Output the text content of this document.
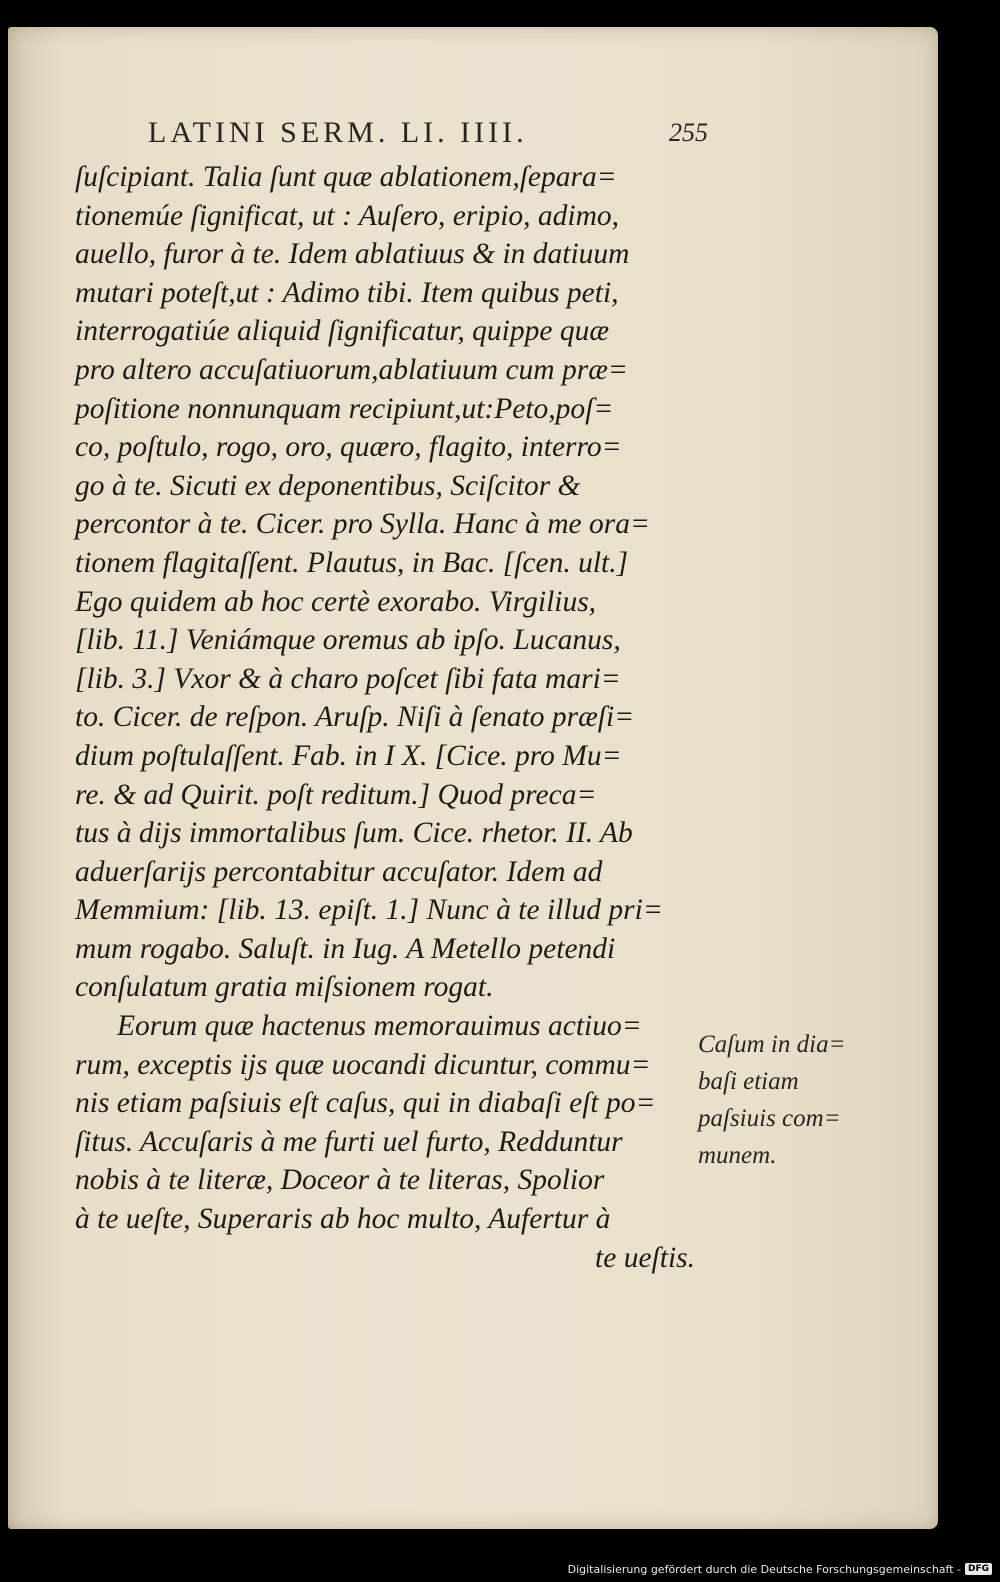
LATINI SERM. LI. IIII.	255
ſuſcipiant. Talia ſunt quæ ablationem,ſepara=
tionemúe ſignificat, ut : Auſero, eripio, adimo,
auello, furor à te. Idem ablatiuus & in datiuum
mutari poteſt,ut : Adimo tibi. Item quibus peti,
interrogatiúe aliquid ſignificatur, quippe quæ
pro altero accuſatiuorum,ablatiuum cum præ=
poſitione nonnunquam recipiunt,ut:Peto,poſ=
co, poſtulo, rogo, oro, quæro, flagito, interro=
go à te. Sicuti ex deponentibus, Sciſcitor &
percontor à te. Cicer. pro Sylla. Hanc à me ora=
tionem flagitaſſent. Plautus, in Bac. [ſcen. ult.]
Ego quidem ab hoc certè exorabo. Virgilius,
[lib. 11.] Veniámque oremus ab ipſo. Lucanus,
[lib. 3.] Vxor & à charo poſcet ſibi fata mari=
to. Cicer. de reſpon. Aruſp. Niſi à ſenato præſi=
dium poſtulaſſent. Fab. in I X. [Cice. pro Mu=
re. & ad Quirit. poſt reditum.] Quod preca=
tus à dijs immortalibus ſum. Cice. rhetor. II. Ab
aduerſarijs percontabitur accuſator. Idem ad
Memmium: [lib. 13. epiſt. 1.] Nunc à te illud pri=
mum rogabo. Saluſt. in Iug. A Metello petendi
conſulatum gratia miſsionem rogat.
Eorum quæ hactenus memorauimus actiuo=
rum, exceptis ijs quæ uocandi dicuntur, commu=
nis etiam paſsiuis eſt caſus, qui in diabaſi eſt po=
ſitus. Accuſaris à me furti uel furto, Redduntur
nobis à te literæ, Doceor à te literas, Spolior
à te ueſte, Superaris ab hoc multo, Aufertur à
te ueſtis.
Caſum in dia=
baſi etiam
paſsiuis com=
munem.
Digitalisierung gefördert durch die Deutsche Forschungsgemeinschaft - DFG
